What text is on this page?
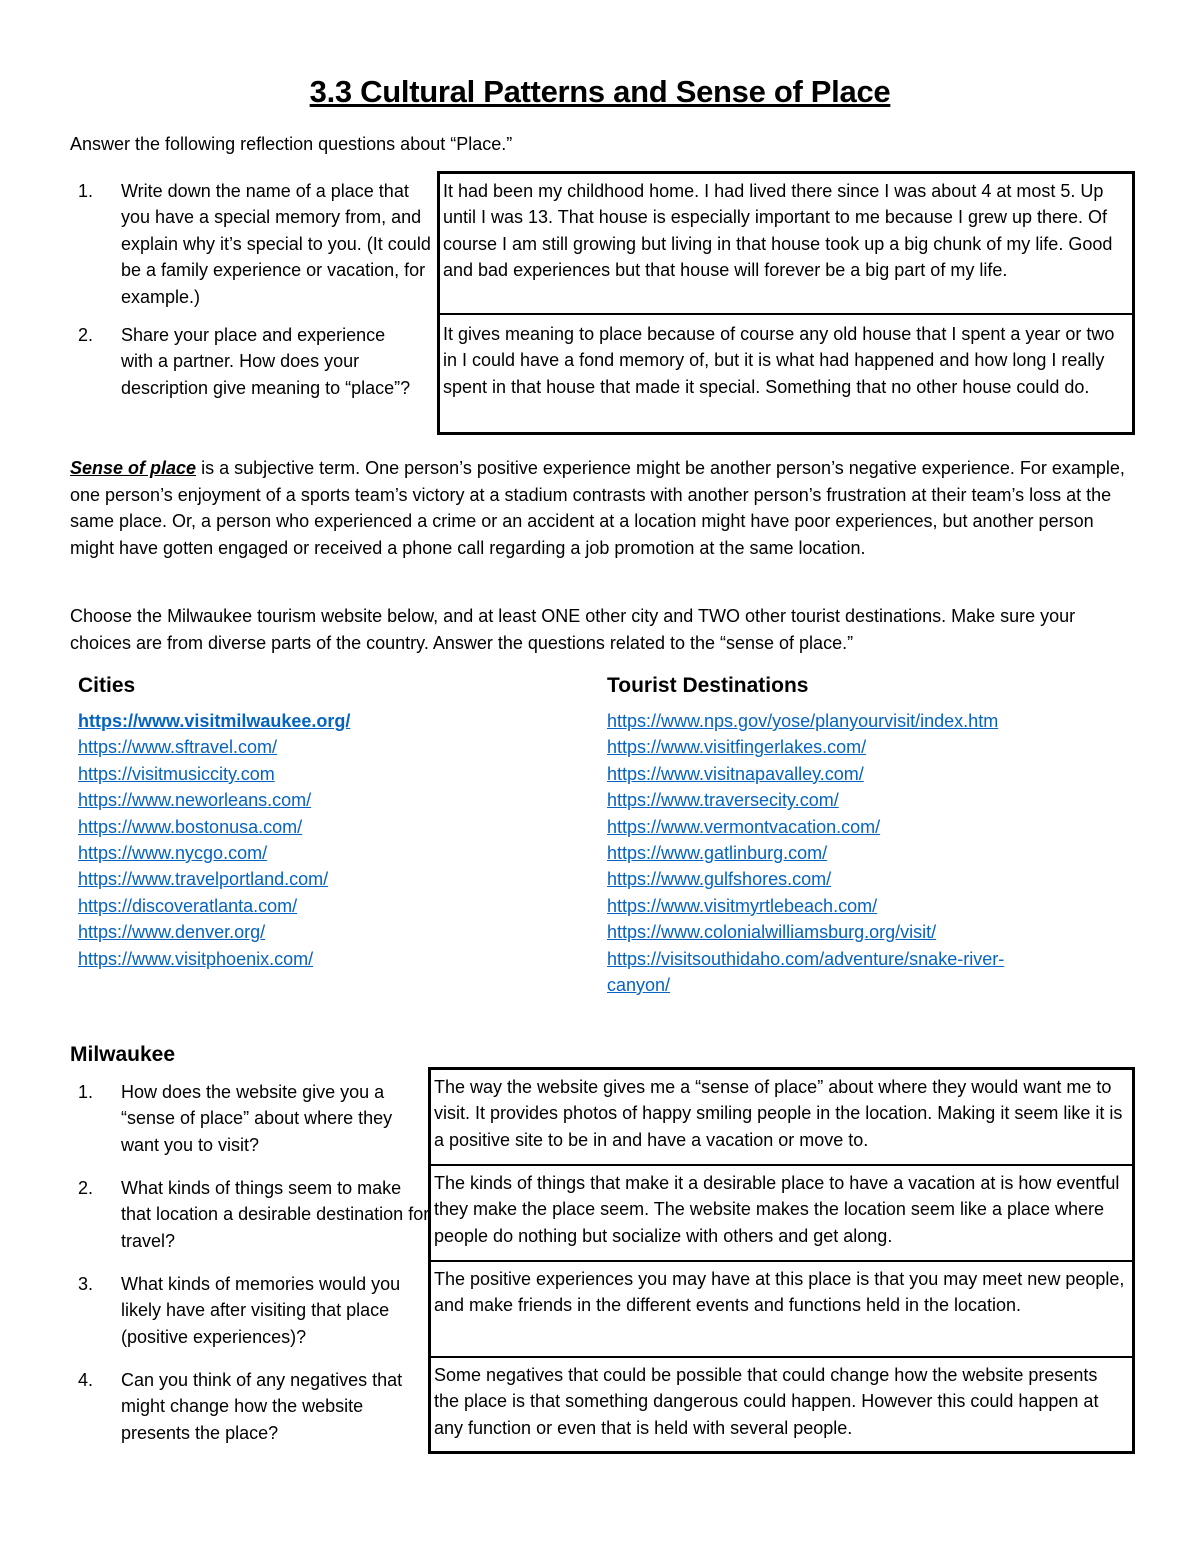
3.3 Cultural Patterns and Sense of Place
Answer the following reflection questions about “Place.”
1. Write down the name of a place that you have a special memory from, and explain why it’s special to you. (It could be a family experience or vacation, for example.)
2. Share your place and experience with a partner. How does your description give meaning to “place”?
It had been my childhood home. I had lived there since I was about 4 at most 5. Up until I was 13. That house is especially important to me because I grew up there. Of course I am still growing but living in that house took up a big chunk of my life. Good and bad experiences but that house will forever be a big part of my life.
It gives meaning to place because of course any old house that I spent a year or two in I could have a fond memory of, but it is what had happened and how long I really spent in that house that made it special. Something that no other house could do.
Sense of place is a subjective term. One person’s positive experience might be another person’s negative experience. For example, one person’s enjoyment of a sports team’s victory at a stadium contrasts with another person’s frustration at their team’s loss at the same place. Or, a person who experienced a crime or an accident at a location might have poor experiences, but another person might have gotten engaged or received a phone call regarding a job promotion at the same location.
Choose the Milwaukee tourism website below, and at least ONE other city and TWO other tourist destinations. Make sure your choices are from diverse parts of the country. Answer the questions related to the “sense of place.”
Cities
https://www.visitmilwaukee.org/
https://www.sftravel.com/
https://visitmusiccity.com
https://www.neworleans.com/
https://www.bostonusa.com/
https://www.nycgo.com/
https://www.travelportland.com/
https://discoveratlanta.com/
https://www.denver.org/
https://www.visitphoenix.com/
Tourist Destinations
https://www.nps.gov/yose/planyourvisit/index.htm
https://www.visitfingerlakes.com/
https://www.visitnapavalley.com/
https://www.traversecity.com/
https://www.vermontvacation.com/
https://www.gatlinburg.com/
https://www.gulfshores.com/
https://www.visitmyrtlebeach.com/
https://www.colonialwilliamsburg.org/visit/
https://visitsouthidaho.com/adventure/snake-river-
canyon/
Milwaukee
1. How does the website give you a “sense of place” about where they want you to visit?
2. What kinds of things seem to make that location a desirable destination for travel?
3. What kinds of memories would you likely have after visiting that place (positive experiences)?
4. Can you think of any negatives that might change how the website presents the place?
The way the website gives me a “sense of place” about where they would want me to visit. It provides photos of happy smiling people in the location. Making it seem like it is a positive site to be in and have a vacation or move to.
The kinds of things that make it a desirable place to have a vacation at is how eventful they make the place seem. The website makes the location seem like a place where people do nothing but socialize with others and get along.
The positive experiences you may have at this place is that you may meet new people, and make friends in the different events and functions held in the location.
Some negatives that could be possible that could change how the website presents the place is that something dangerous could happen. However this could happen at any function or even that is held with several people.
